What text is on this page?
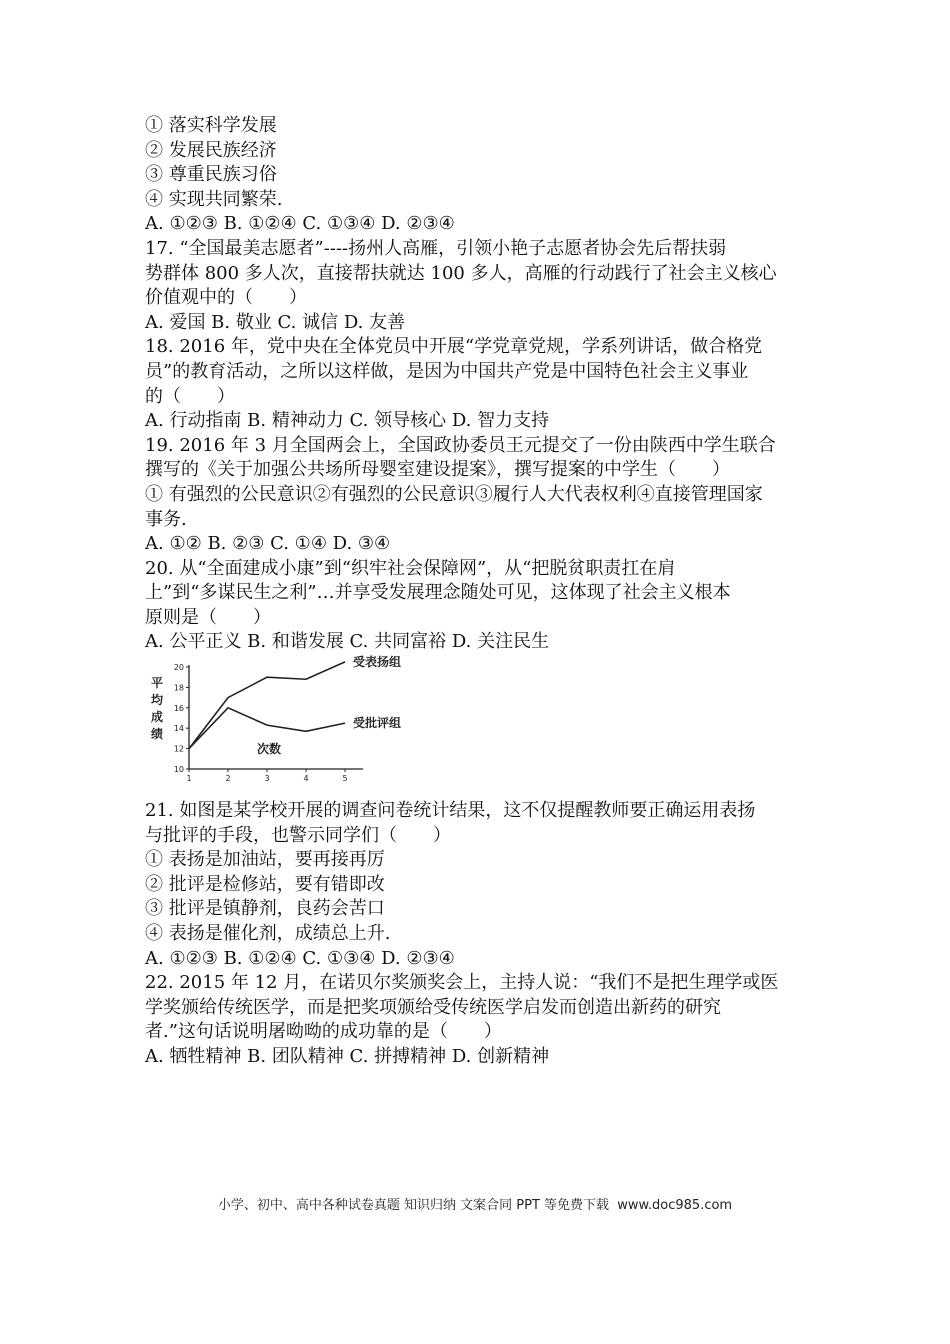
① 落实科学发展
② 发展民族经济
③ 尊重民族习俗
④ 实现共同繁荣.
A. ①②③ B. ①②④ C. ①③④ D. ②③④
17. “全国最美志愿者”----扬州人高雁，引领小艳子志愿者协会先后帮扶弱
势群体 800 多人次，直接帮扶就达 100 多人，高雁的行动践行了社会主义核心
价值观中的（　　）
A. 爱国 B. 敬业 C. 诚信 D. 友善
18. 2016 年，党中央在全体党员中开展“学党章党规，学系列讲话，做合格党
员”的教育活动，之所以这样做，是因为中国共产党是中国特色社会主义事业
的（　　）
A. 行动指南 B. 精神动力 C. 领导核心 D. 智力支持
19. 2016 年 3 月全国两会上，全国政协委员王元提交了一份由陕西中学生联合
撰写的《关于加强公共场所母婴室建设提案》，撰写提案的中学生（　　）
① 有强烈的公民意识②有强烈的公民意识③履行人大代表权利④直接管理国家
事务.
A. ①② B. ②③ C. ①④ D. ③④
20. 从“全面建成小康”到“织牢社会保障网”，从“把脱贫职责扛在肩
上”到“多谋民生之利”…并享受发展理念随处可见，这体现了社会主义根本
原则是（　　）
A. 公平正义 B. 和谐发展 C. 共同富裕 D. 关注民生
10
12
14
16
18
20
1	2	3	4	5
平
均
成
绩
次数
受表扬组
受批评组
21. 如图是某学校开展的调查问卷统计结果，这不仅提醒教师要正确运用表扬
与批评的手段，也警示同学们（　　）
① 表扬是加油站，要再接再厉
② 批评是检修站，要有错即改
③ 批评是镇静剂，良药会苦口
④ 表扬是催化剂，成绩总上升.
A. ①②③ B. ①②④ C. ①③④ D. ②③④
22. 2015 年 12 月，在诺贝尔奖颁奖会上，主持人说：“我们不是把生理学或医
学奖颁给传统医学，而是把奖项颁给受传统医学启发而创造出新药的研究
者.”这句话说明屠呦呦的成功靠的是（　　）
A. 牺牲精神 B. 团队精神 C. 拼搏精神 D. 创新精神
小学、初中、高中各种试卷真题 知识归纳 文案合同 PPT 等免费下载 www.doc985.com
